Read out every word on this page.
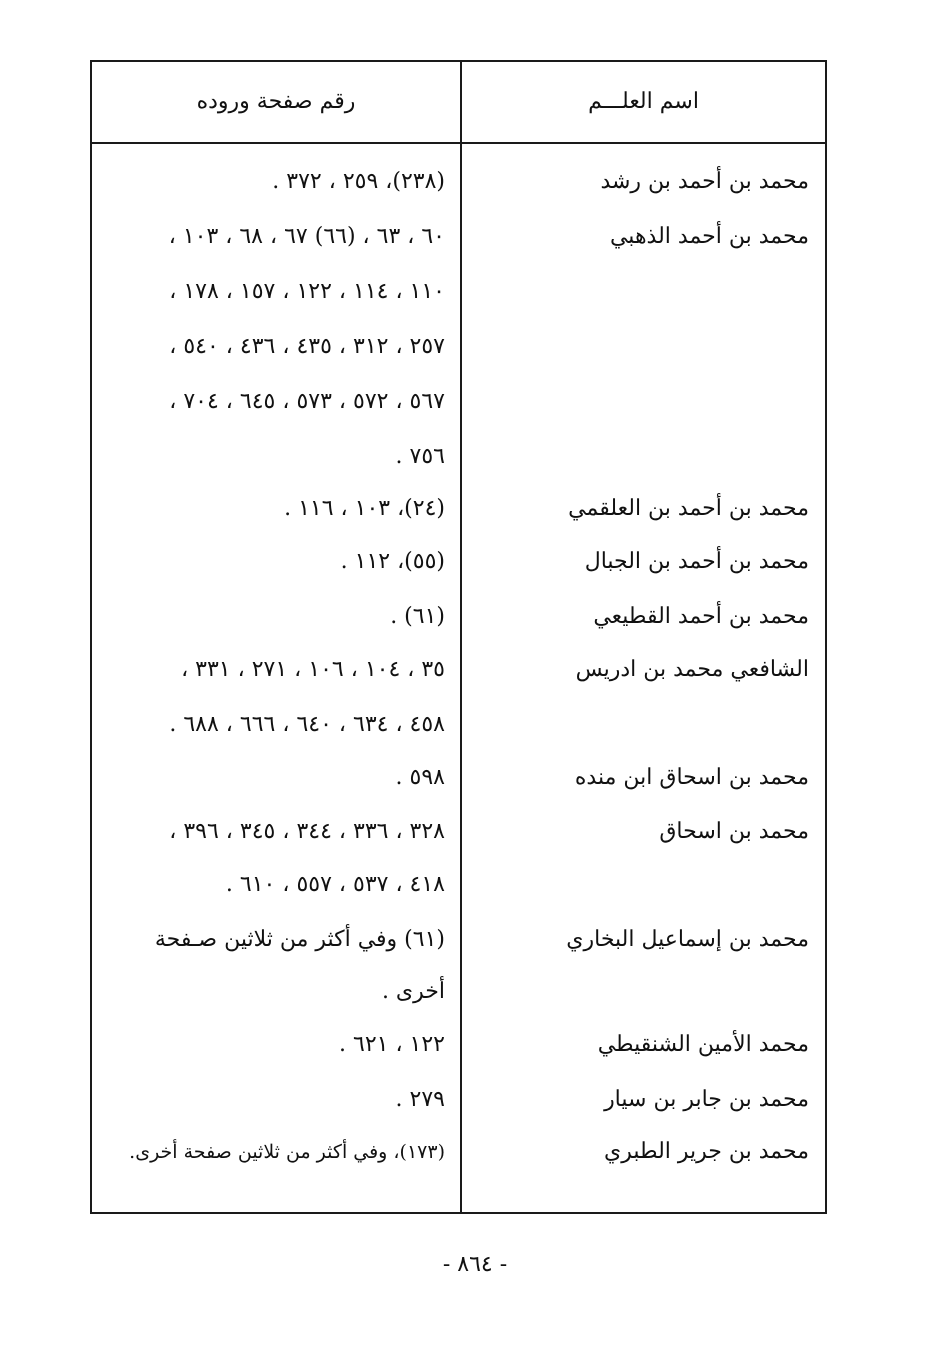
اسم العلـــم
رقم صفحة وروده
محمد بن أحمد بن رشد
(٢٣٨)، ٢٥٩ ، ٣٧٢ .
محمد بن أحمد الذهبي
٦٠ ، ٦٣ ، (٦٦) ٦٧ ، ٦٨ ، ١٠٣ ،
١١٠ ، ١١٤ ، ١٢٢ ، ١٥٧ ، ١٧٨ ،
٢٥٧ ، ٣١٢ ، ٤٣٥ ، ٤٣٦ ، ٥٤٠ ،
٥٦٧ ، ٥٧٢ ، ٥٧٣ ، ٦٤٥ ، ٧٠٤ ،
٧٥٦ .
محمد بن أحمد بن العلقمي
(٢٤)، ١٠٣ ، ١١٦ .
محمد بن أحمد بن الجبال
(٥٥)، ١١٢ .
محمد بن أحمد القطيعي
(٦١) .
الشافعي محمد بن ادريس
٣٥ ، ١٠٤ ، ١٠٦ ، ٢٧١ ، ٣٣١ ،
٤٥٨ ، ٦٣٤ ، ٦٤٠ ، ٦٦٦ ، ٦٨٨ .
محمد بن اسحاق ابن منده
٥٩٨ .
محمد بن اسحاق
٣٢٨ ، ٣٣٦ ، ٣٤٤ ، ٣٤٥ ، ٣٩٦ ،
٤١٨ ، ٥٣٧ ، ٥٥٧ ، ٦١٠ .
محمد بن إسماعيل البخاري
(٦١) وفي أكثر من ثلاثين صـفحة
أخرى .
محمد الأمين الشنقيطي
١٢٢ ، ٦٢١ .
محمد بن جابر بن سيار
٢٧٩ .
محمد بن جرير الطبري
(١٧٣)، وفي أكثر من ثلاثين صفحة أخرى.
- ٨٦٤ -
